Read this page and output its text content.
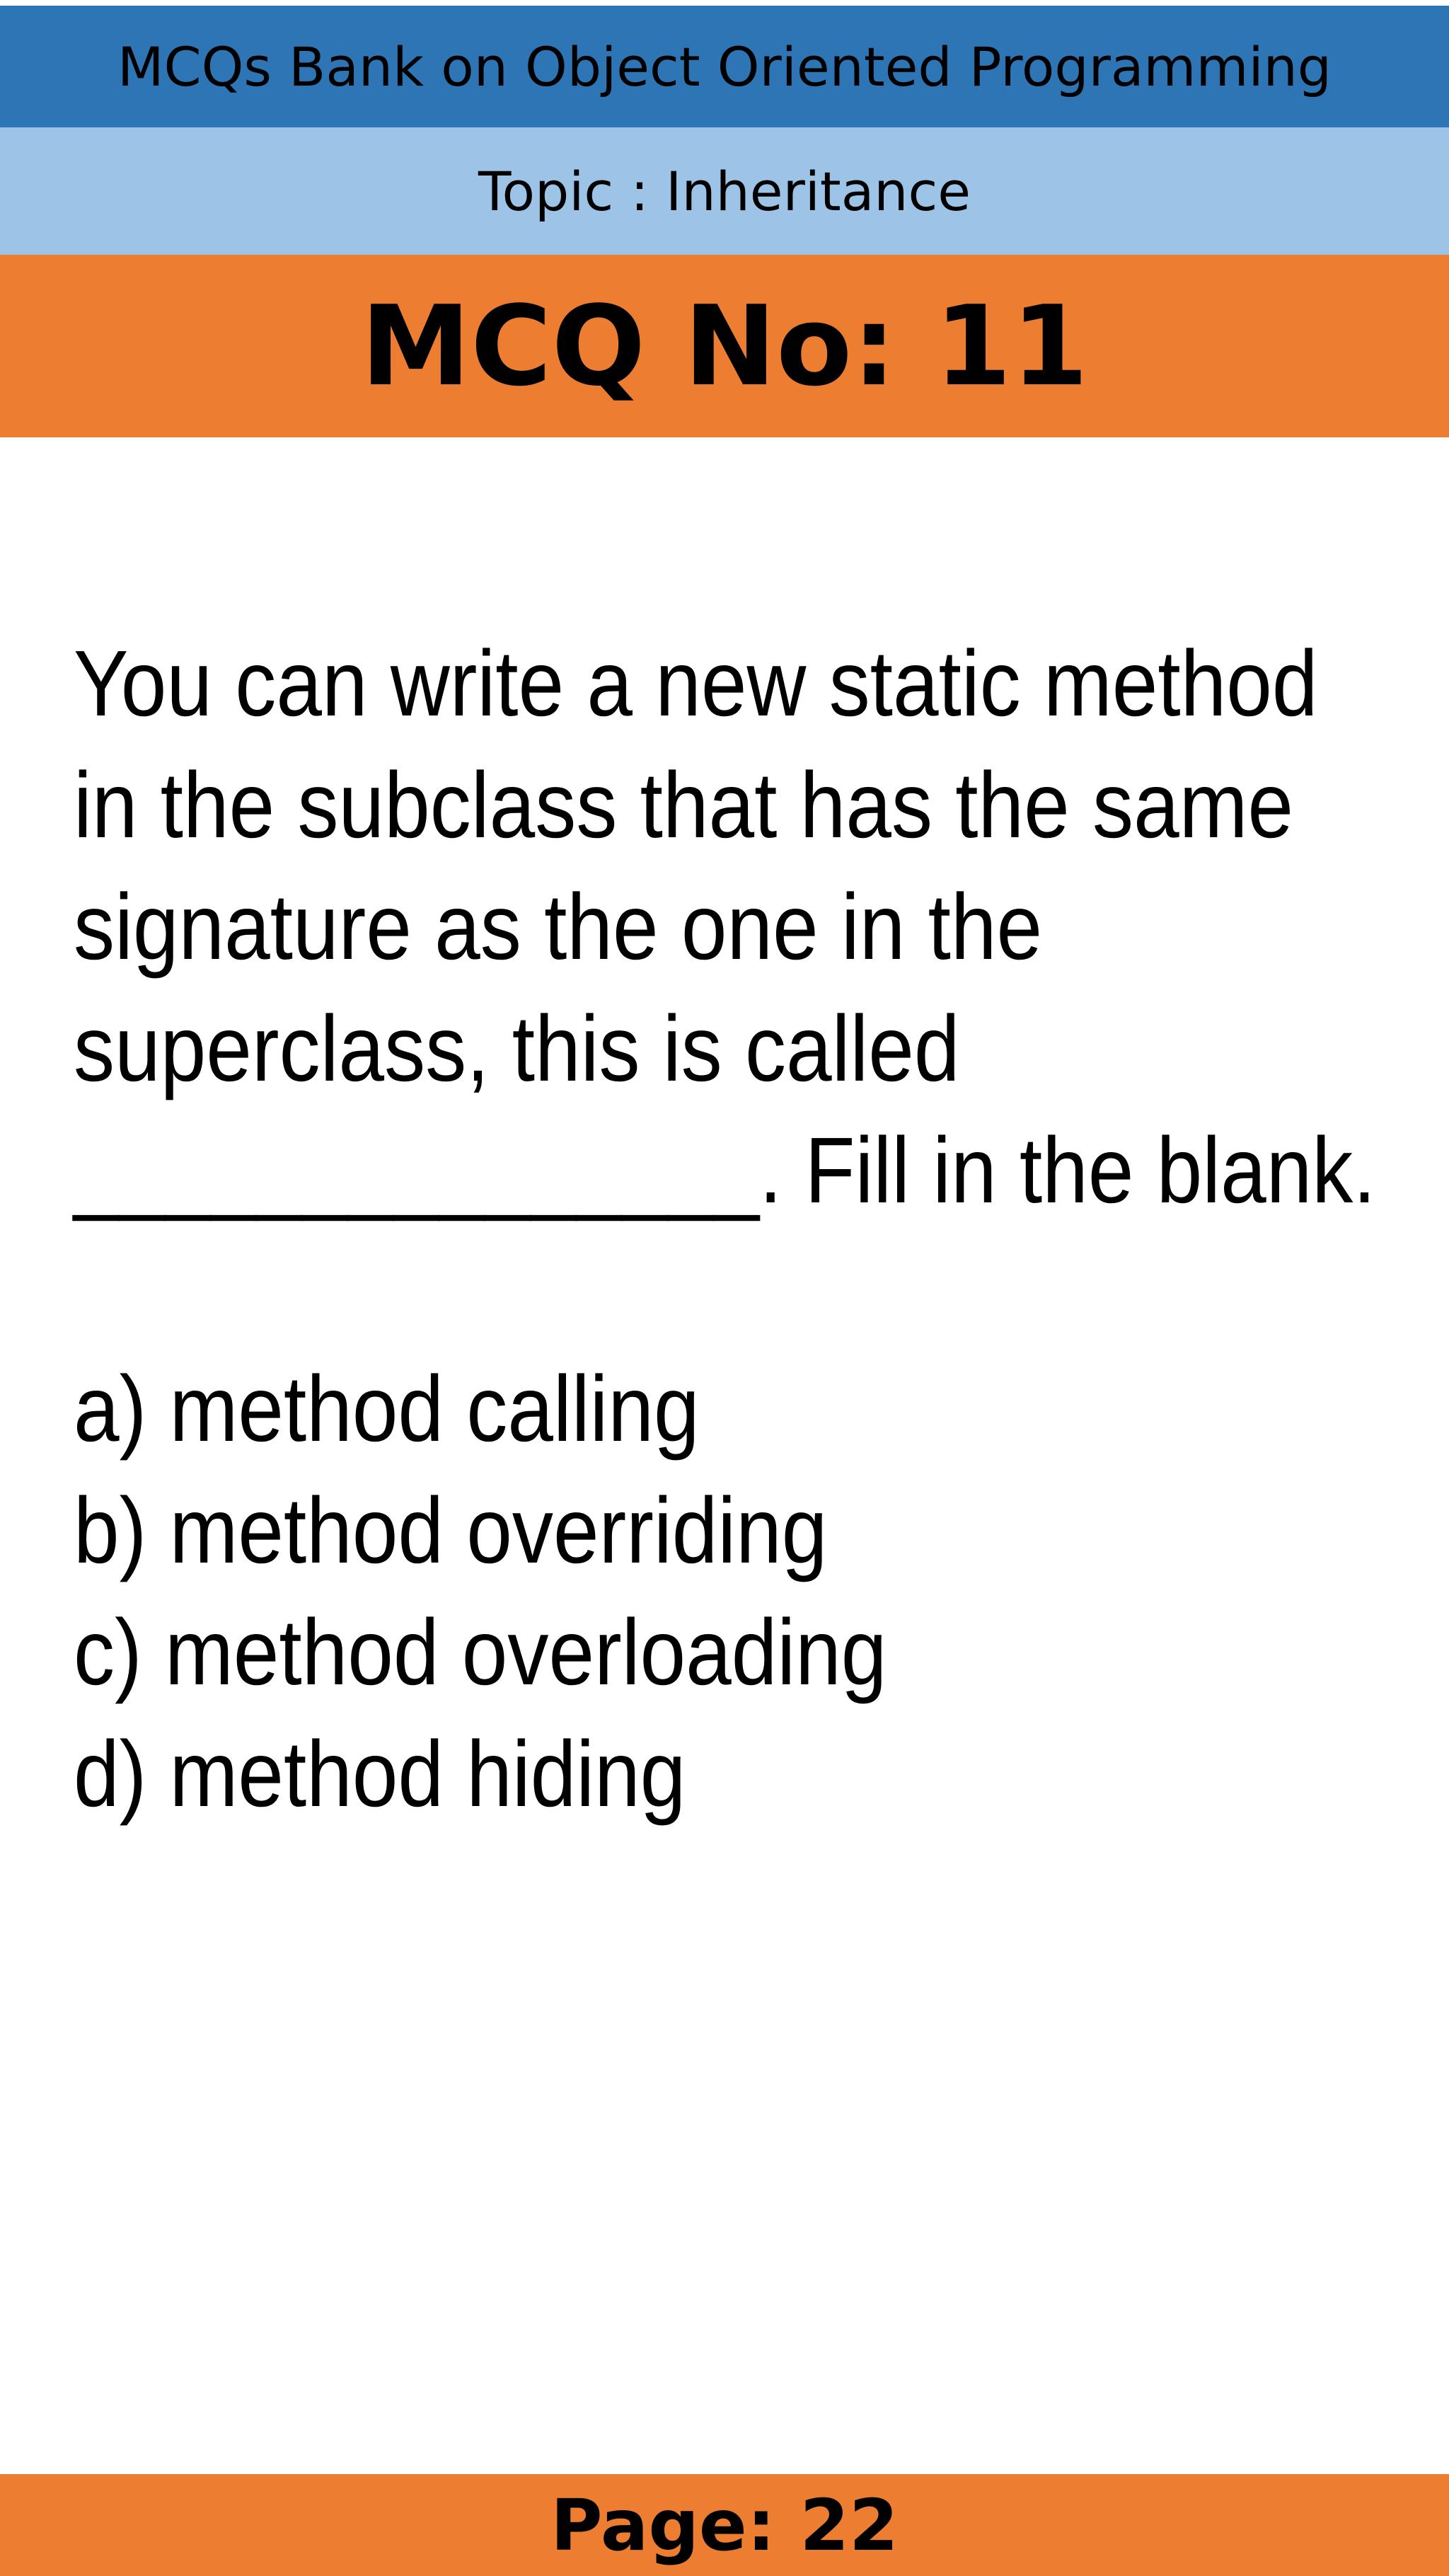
MCQs Bank on Object Oriented Programming
Topic : Inheritance
MCQ No: 11
You can write a new static method
in the subclass that has the same
signature as the one in the
superclass, this is called
_______________. Fill in the blank.
a) method calling
b) method overriding
c) method overloading
d) method hiding
Page: 22
